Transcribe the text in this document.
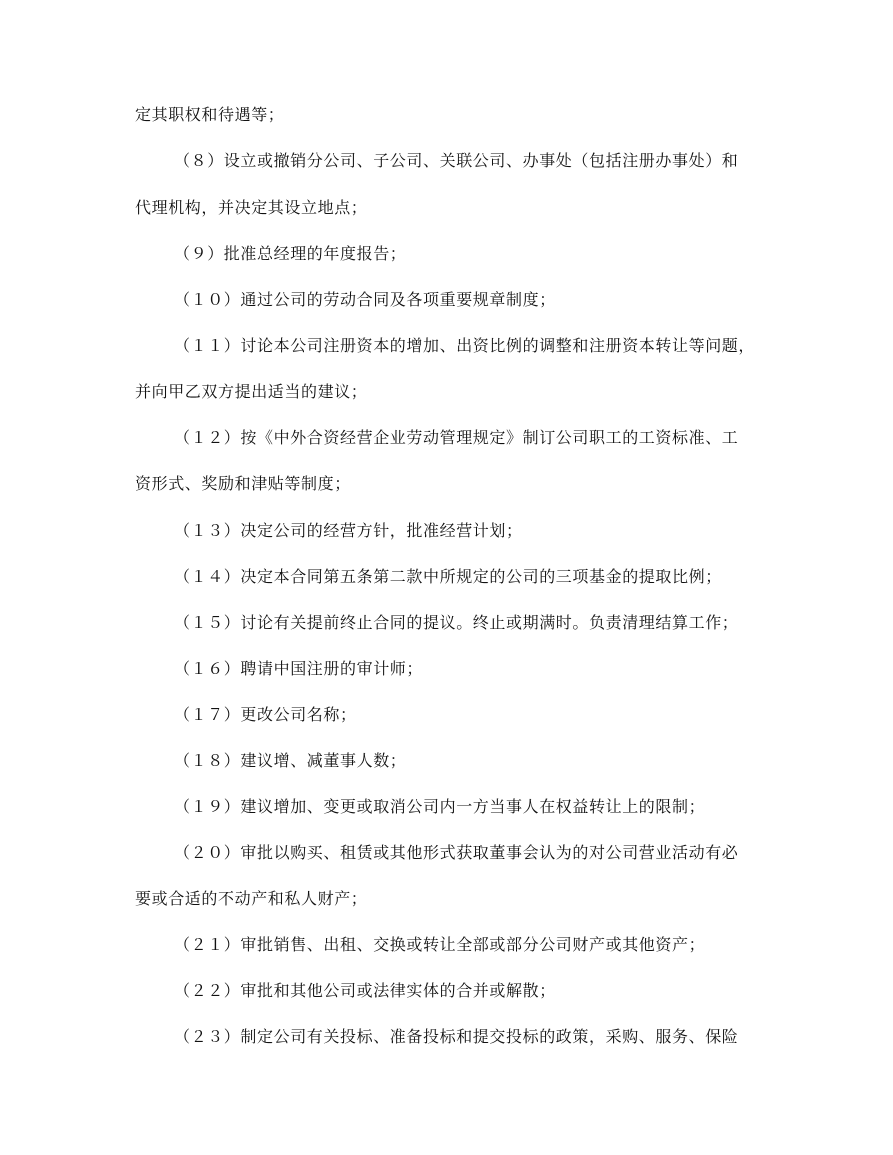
定其职权和待遇等；
（８）设立或撤销分公司、子公司、关联公司、办事处（包括注册办事处）和
代理机构，并决定其设立地点；
（９）批准总经理的年度报告；
（１０）通过公司的劳动合同及各项重要规章制度；
（１１）讨论本公司注册资本的增加、出资比例的调整和注册资本转让等问题，
并向甲乙双方提出适当的建议；
（１２）按《中外合资经营企业劳动管理规定》制订公司职工的工资标准、工
资形式、奖励和津贴等制度；
（１３）决定公司的经营方针，批准经营计划；
（１４）决定本合同第五条第二款中所规定的公司的三项基金的提取比例；
（１５）讨论有关提前终止合同的提议。终止或期满时。负责清理结算工作；
（１６）聘请中国注册的审计师；
（１７）更改公司名称；
（１８）建议增、减董事人数；
（１９）建议增加、变更或取消公司内一方当事人在权益转让上的限制；
（２０）审批以购买、租赁或其他形式获取董事会认为的对公司营业活动有必
要或合适的不动产和私人财产；
（２１）审批销售、出租、交换或转让全部或部分公司财产或其他资产；
（２２）审批和其他公司或法律实体的合并或解散；
（２３）制定公司有关投标、准备投标和提交投标的政策，采购、服务、保险
